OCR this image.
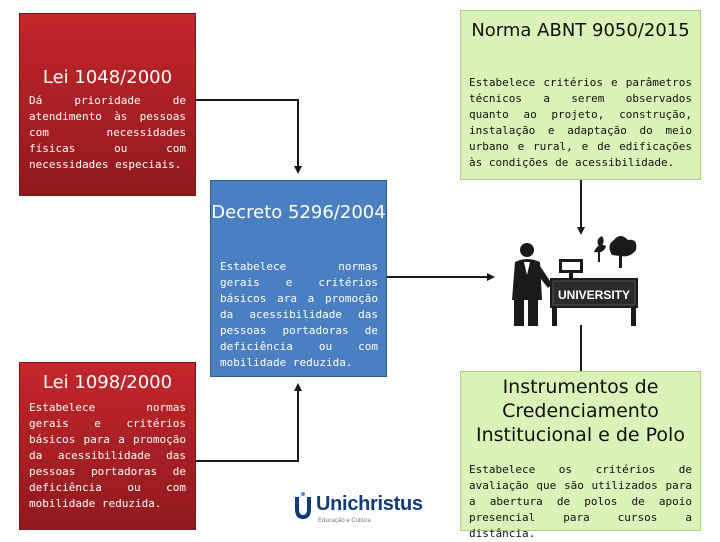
UNIVERSITY
Lei 1048/2000
Dá prioridade de atendimento às pessoas com necessidades físicas ou com necessidades especiais.
Norma ABNT 9050/2015
Estabelece critérios e parâmetros técnicos a serem observados quanto ao projeto, construção, instalação e adaptação do meio urbano e rural, e de edificações às condições de acessibilidade.
Decreto 5296/2004
Estabelece normas gerais e critérios básicos ara a promoção da acessibilidade das pessoas portadoras de deficiência ou com mobilidade reduzida.
Lei 1098/2000
Estabelece normas gerais e critérios básicos para a promoção da acessibilidade das pessoas portadoras de deficiência ou com mobilidade reduzida.
Instrumentos de Credenciamento Institucional e de Polo
Estabelece os critérios de avaliação que são utilizados para a abertura de polos de apoio presencial para cursos a distância.
Unichristus
Educação e Cultura
